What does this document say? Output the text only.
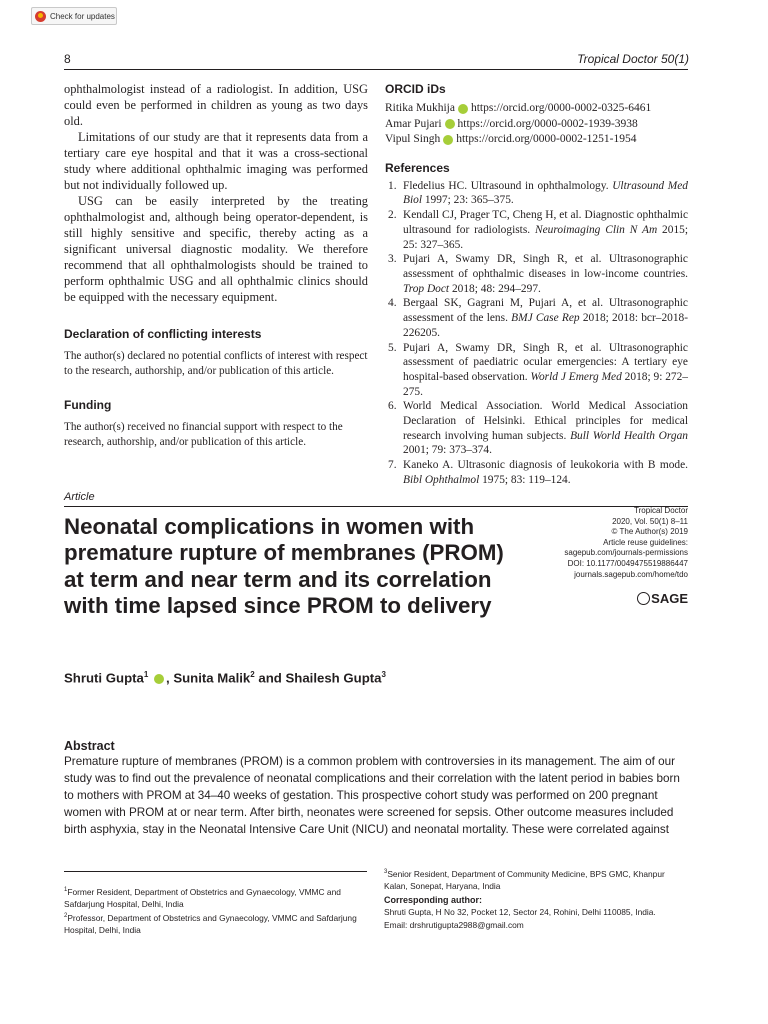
Check for updates
8	Tropical Doctor 50(1)

ophthalmologist instead of a radiologist. In addition, USG could even be performed in children as young as two days old.

Limitations of our study are that it represents data from a tertiary care eye hospital and that it was a cross-sectional study where additional ophthalmic imaging was performed but not individually followed up.

USG can be easily interpreted by the treating ophthalmologist and, although being operator-dependent, is still highly sensitive and specific, thereby acting as a significant universal diagnostic modality. We therefore recommend that all ophthalmologists should be trained to perform ophthalmic USG and all ophthalmic clinics should be equipped with the necessary equipment.

Declaration of conflicting interests

The author(s) declared no potential conflicts of interest with respect to the research, authorship, and/or publication of this article.

Funding

The author(s) received no financial support with respect to the research, authorship, and/or publication of this article.

ORCID iDs
Ritika Mukhija https://orcid.org/0000-0002-0325-6461
Amar Pujari https://orcid.org/0000-0002-1939-3938
Vipul Singh https://orcid.org/0000-0002-1251-1954
References

1. Fledelius HC. Ultrasound in ophthalmology. Ultrasound Med Biol 1997; 23: 365–375.

2. Kendall CJ, Prager TC, Cheng H, et al. Diagnostic ophthalmic ultrasound for radiologists. Neuroimaging Clin N Am 2015; 25: 327–365.

3. Pujari A, Swamy DR, Singh R, et al. Ultrasonographic assessment of ophthalmic diseases in low-income countries. Trop Doct 2018; 48: 294–297.

4. Bergaal SK, Gagrani M, Pujari A, et al. Ultrasonographic assessment of the lens. BMJ Case Rep 2018; 2018: bcr–2018-226205.

5. Pujari A, Swamy DR, Singh R, et al. Ultrasonographic assessment of paediatric ocular emergencies: A tertiary eye hospital-based observation. World J Emerg Med 2018; 9: 272–275.

6. World Medical Association. World Medical Association Declaration of Helsinki. Ethical principles for medical research involving human subjects. Bull World Health Organ 2001; 79: 373–374.

7. Kaneko A. Ultrasonic diagnosis of leukokoria with B mode. Bibl Ophthalmol 1975; 83: 119–124.

Article
Neonatal complications in women with premature rupture of membranes (PROM) at term and near term and its correlation with time lapsed since PROM to delivery
Tropical Doctor
2020, Vol. 50(1) 8–11
© The Author(s) 2019
Article reuse guidelines:
sagepub.com/journals-permissions
DOI: 10.1177/0049475519886447
journals.sagepub.com/home/tdo
SAGE
Shruti Gupta$^1$ , Sunita Malik$^2$ and Shailesh Gupta$^3$
Abstract

Premature rupture of membranes (PROM) is a common problem with controversies in its management. The aim of our study was to find out the prevalence of neonatal complications and their correlation with the latent period in babies born to mothers with PROM at 34–40 weeks of gestation. This prospective cohort study was performed on 200 pregnant women with PROM at or near term. After birth, neonates were screened for sepsis. Other outcome measures included birth asphyxia, stay in the Neonatal Intensive Care Unit (NICU) and neonatal mortality. These were correlated against

$^1$Former Resident, Department of Obstetrics and Gynaecology, VMMC and Safdarjung Hospital, Delhi, India
$^2$Professor, Department of Obstetrics and Gynaecology, VMMC and Safdarjung Hospital, Delhi, India
$^3$Senior Resident, Department of Community Medicine, BPS GMC, Khanpur Kalan, Sonepat, Haryana, India
Corresponding author:
Shruti Gupta, H No 32, Pocket 12, Sector 24, Rohini, Delhi 110085, India.
Email: drshrutigupta2988@gmail.com
